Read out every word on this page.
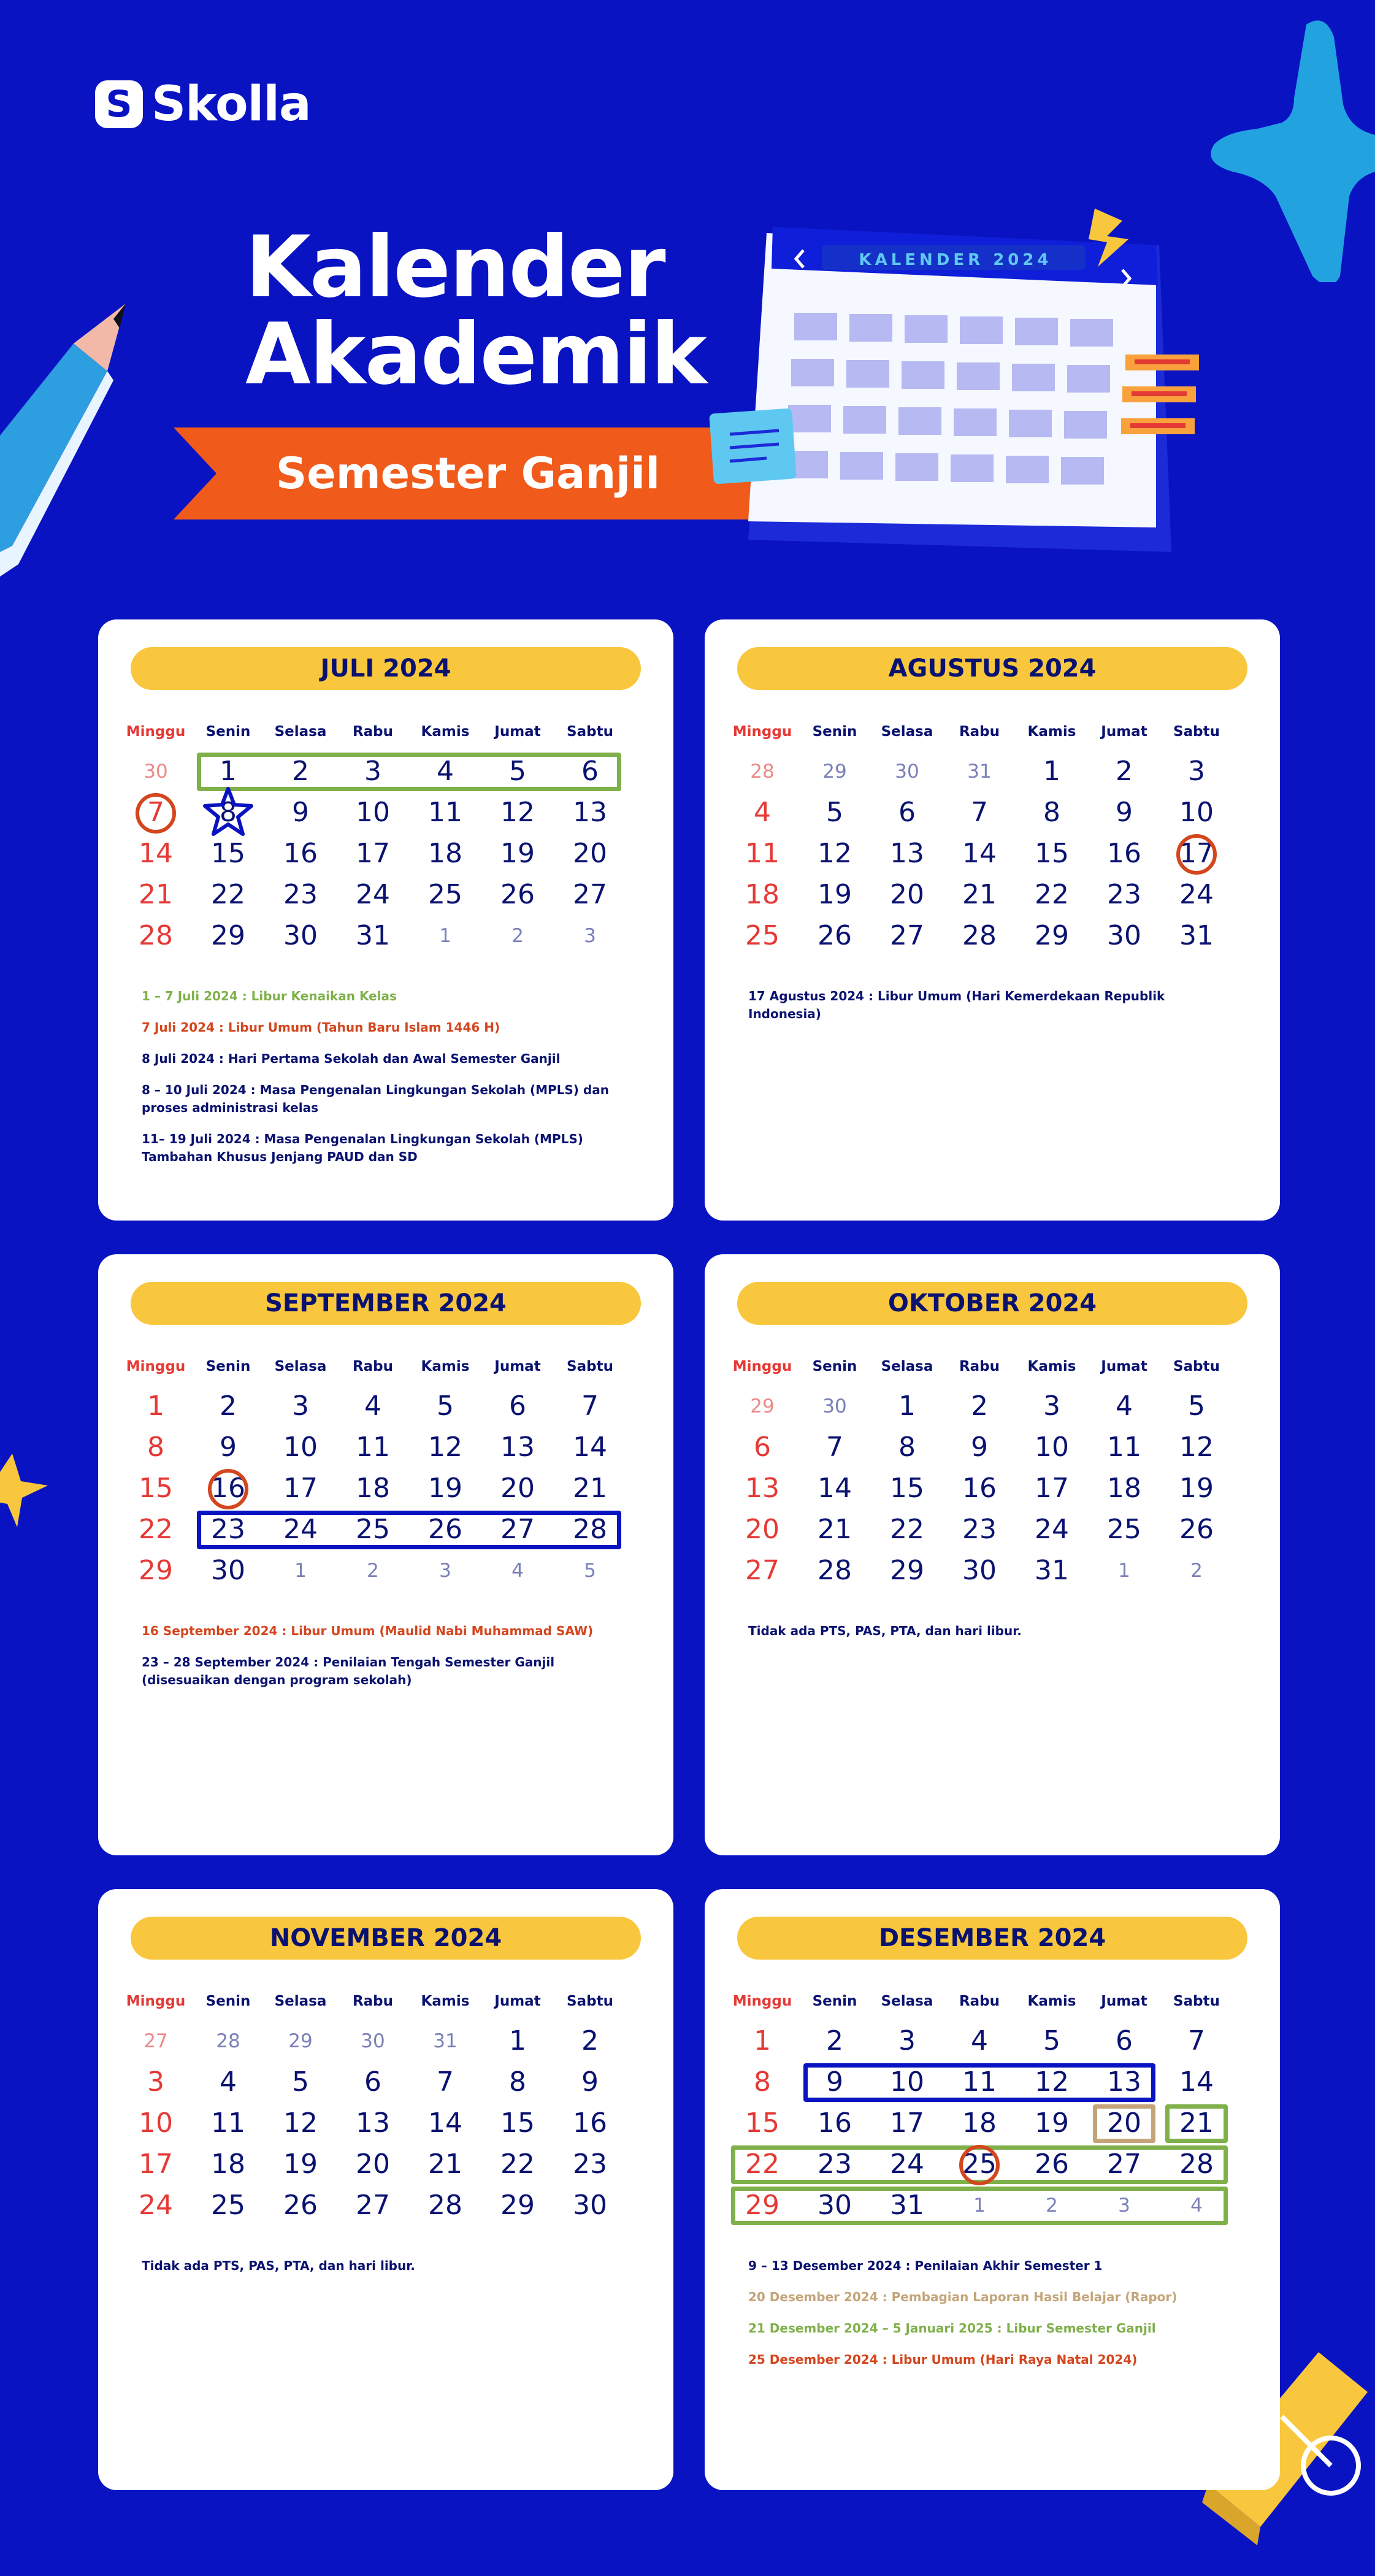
S Skolla
Kalender
Akademik
Semester Ganjil
KALENDER 2024
JULI 2024
Minggu	Senin	Selasa	Rabu	Kamis	Jumat	Sabtu
30	1	2	3	4	5	6
7	8	9	10	11	12	13
14	15	16	17	18	19	20
21	22	23	24	25	26	27
28	29	30	31	1	2	3
1 – 7 Juli 2024 : Libur Kenaikan Kelas
7 Juli 2024 : Libur Umum (Tahun Baru Islam 1446 H)
8 Juli 2024 : Hari Pertama Sekolah dan Awal Semester Ganjil
8 – 10 Juli 2024 : Masa Pengenalan Lingkungan Sekolah (MPLS) dan proses administrasi kelas
11– 19 Juli 2024 : Masa Pengenalan Lingkungan Sekolah (MPLS) Tambahan Khusus Jenjang PAUD dan SD
AGUSTUS 2024
Minggu	Senin	Selasa	Rabu	Kamis	Jumat	Sabtu
28	29	30	31	1	2	3
4	5	6	7	8	9	10
11	12	13	14	15	16	17
18	19	20	21	22	23	24
25	26	27	28	29	30	31
17 Agustus 2024 : Libur Umum (Hari Kemerdekaan Republik Indonesia)
SEPTEMBER 2024
Minggu	Senin	Selasa	Rabu	Kamis	Jumat	Sabtu
1	2	3	4	5	6	7
8	9	10	11	12	13	14
15	16	17	18	19	20	21
22	23	24	25	26	27	28
29	30	1	2	3	4	5
16 September 2024 : Libur Umum (Maulid Nabi Muhammad SAW)
23 – 28 September 2024 : Penilaian Tengah Semester Ganjil (disesuaikan dengan program sekolah)
OKTOBER 2024
Minggu	Senin	Selasa	Rabu	Kamis	Jumat	Sabtu
29	30	1	2	3	4	5
6	7	8	9	10	11	12
13	14	15	16	17	18	19
20	21	22	23	24	25	26
27	28	29	30	31	1	2
Tidak ada PTS, PAS, PTA, dan hari libur.
NOVEMBER 2024
Minggu	Senin	Selasa	Rabu	Kamis	Jumat	Sabtu
27	28	29	30	31	1	2
3	4	5	6	7	8	9
10	11	12	13	14	15	16
17	18	19	20	21	22	23
24	25	26	27	28	29	30
Tidak ada PTS, PAS, PTA, dan hari libur.
DESEMBER 2024
Minggu	Senin	Selasa	Rabu	Kamis	Jumat	Sabtu
1	2	3	4	5	6	7
8	9	10	11	12	13	14
15	16	17	18	19	20	21
22	23	24	25	26	27	28
29	30	31	1	2	3	4
9 – 13 Desember 2024 : Penilaian Akhir Semester 1
20 Desember 2024 : Pembagian Laporan Hasil Belajar (Rapor)
21 Desember 2024 – 5 Januari 2025 : Libur Semester Ganjil
25 Desember 2024 : Libur Umum (Hari Raya Natal 2024)
